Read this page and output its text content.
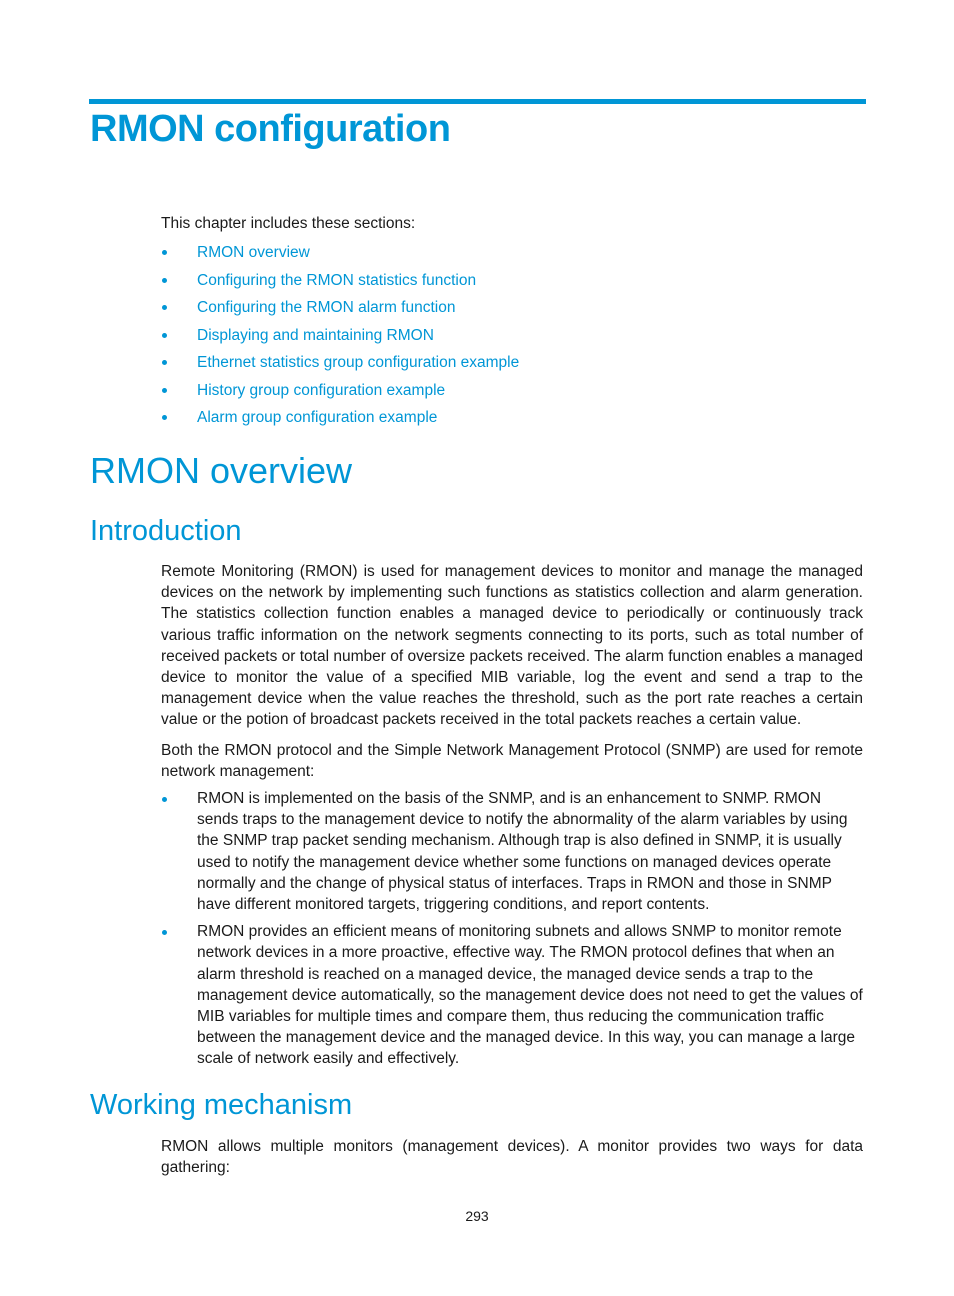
RMON configuration
This chapter includes these sections:
RMON overview
Configuring the RMON statistics function
Configuring the RMON alarm function
Displaying and maintaining RMON
Ethernet statistics group configuration example
History group configuration example
Alarm group configuration example
RMON overview
Introduction

Remote Monitoring (RMON) is used for management devices to monitor and manage the managed devices on the network by implementing such functions as statistics collection and alarm generation. The statistics collection function enables a managed device to periodically or continuously track various traffic information on the network segments connecting to its ports, such as total number of received packets or total number of oversize packets received. The alarm function enables a managed device to monitor the value of a specified MIB variable, log the event and send a trap to the management device when the value reaches the threshold, such as the port rate reaches a certain value or the potion of broadcast packets received in the total packets reaches a certain value.

Both the RMON protocol and the Simple Network Management Protocol (SNMP) are used for remote network management:

RMON is implemented on the basis of the SNMP, and is an enhancement to SNMP. RMON sends traps to the management device to notify the abnormality of the alarm variables by using the SNMP trap packet sending mechanism. Although trap is also defined in SNMP, it is usually used to notify the management device whether some functions on managed devices operate normally and the change of physical status of interfaces. Traps in RMON and those in SNMP have different monitored targets, triggering conditions, and report contents.
RMON provides an efficient means of monitoring subnets and allows SNMP to monitor remote network devices in a more proactive, effective way. The RMON protocol defines that when an alarm threshold is reached on a managed device, the managed device sends a trap to the management device automatically, so the management device does not need to get the values of MIB variables for multiple times and compare them, thus reducing the communication traffic between the management device and the managed device. In this way, you can manage a large scale of network easily and effectively.
Working mechanism

RMON allows multiple monitors (management devices). A monitor provides two ways for data gathering:

293
